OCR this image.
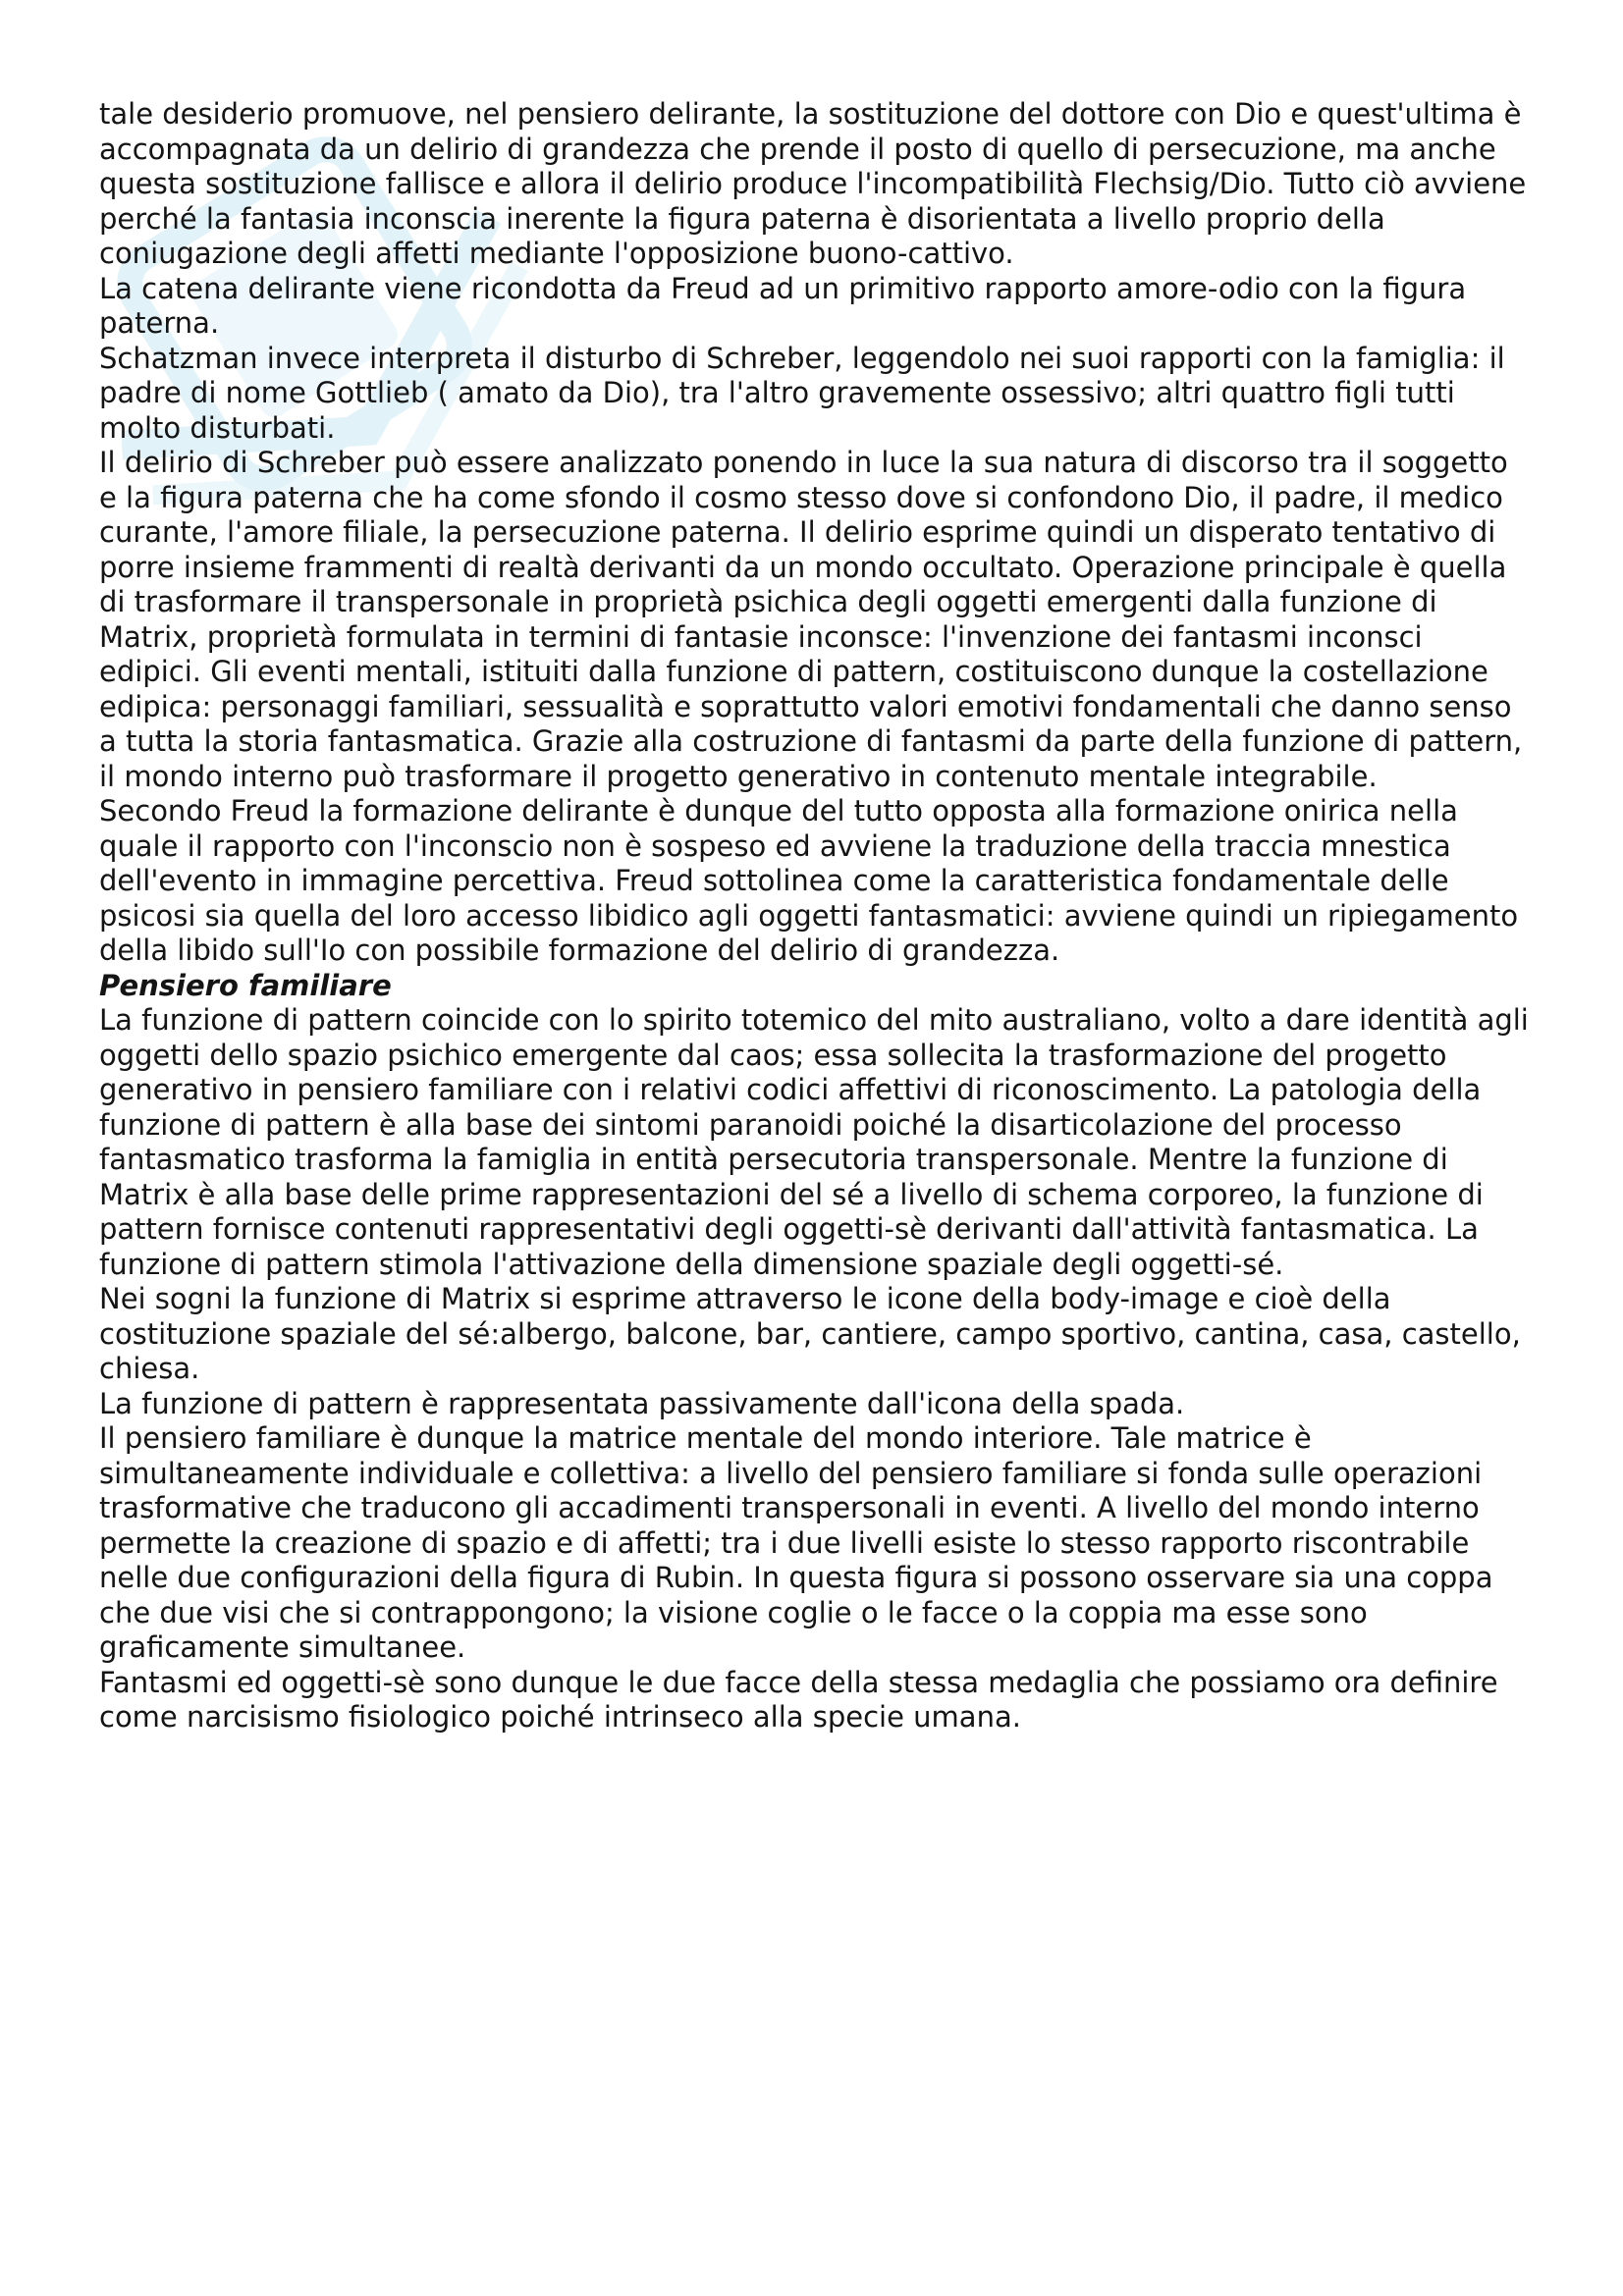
tale desiderio promuove, nel pensiero delirante, la sostituzione del dottore con Dio e quest'ultima è accompagnata da un delirio di grandezza che prende il posto di quello di persecuzione, ma anche questa sostituzione fallisce e allora il delirio produce l'incompatibilità Flechsig/Dio. Tutto ciò avviene perché la fantasia inconscia inerente la figura paterna è disorientata a livello proprio della coniugazione degli affetti mediante l'opposizione buono-cattivo.

La catena delirante viene ricondotta da Freud ad un primitivo rapporto amore-odio con la figura paterna.

Schatzman invece interpreta il disturbo di Schreber, leggendolo nei suoi rapporti con la famiglia: il padre di nome Gottlieb ( amato da Dio), tra l'altro gravemente ossessivo; altri quattro figli tutti molto disturbati.

Il delirio di Schreber può essere analizzato ponendo in luce la sua natura di discorso tra il soggetto e la figura paterna che ha come sfondo il cosmo stesso dove si confondono Dio, il padre, il medico curante, l'amore filiale, la persecuzione paterna. Il delirio esprime quindi un disperato tentativo di porre insieme frammenti di realtà derivanti da un mondo occultato. Operazione principale è quella di trasformare il transpersonale in proprietà psichica degli oggetti emergenti dalla funzione di Matrix, proprietà formulata in termini di fantasie inconsce: l'invenzione dei fantasmi inconsci edipici. Gli eventi mentali, istituiti dalla funzione di pattern, costituiscono dunque la costellazione edipica: personaggi familiari, sessualità e soprattutto valori emotivi fondamentali che danno senso a tutta la storia fantasmatica. Grazie alla costruzione di fantasmi da parte della funzione di pattern, il mondo interno può trasformare il progetto generativo in contenuto mentale integrabile.

Secondo Freud la formazione delirante è dunque del tutto opposta alla formazione onirica nella quale il rapporto con l'inconscio non è sospeso ed avviene la traduzione della traccia mnestica dell'evento in immagine percettiva. Freud sottolinea come la caratteristica fondamentale delle psicosi sia quella del loro accesso libidico agli oggetti fantasmatici: avviene quindi un ripiegamento della libido sull'Io con possibile formazione del delirio di grandezza.

Pensiero familiare

La funzione di pattern coincide con lo spirito totemico del mito australiano, volto a dare identità agli oggetti dello spazio psichico emergente dal caos; essa sollecita la trasformazione del progetto generativo in pensiero familiare con i relativi codici affettivi di riconoscimento. La patologia della funzione di pattern è alla base dei sintomi paranoidi poiché la disarticolazione del processo fantasmatico trasforma la famiglia in entità persecutoria transpersonale. Mentre la funzione di Matrix è alla base delle prime rappresentazioni del sé a livello di schema corporeo, la funzione di pattern fornisce contenuti rappresentativi degli oggetti-sè derivanti dall'attività fantasmatica. La funzione di pattern stimola l'attivazione della dimensione spaziale degli oggetti-sé.

Nei sogni la funzione di Matrix si esprime attraverso le icone della body-image e cioè della costituzione spaziale del sé:albergo, balcone, bar, cantiere, campo sportivo, cantina, casa, castello, chiesa.

La funzione di pattern è rappresentata passivamente dall'icona della spada.

Il pensiero familiare è dunque la matrice mentale del mondo interiore. Tale matrice è simultaneamente individuale e collettiva: a livello del pensiero familiare si fonda sulle operazioni trasformative che traducono gli accadimenti transpersonali in eventi. A livello del mondo interno permette la creazione di spazio e di affetti; tra i due livelli esiste lo stesso rapporto riscontrabile nelle due configurazioni della figura di Rubin. In questa figura si possono osservare sia una coppa che due visi che si contrappongono; la visione coglie o le facce o la coppia ma esse sono graficamente simultanee.

Fantasmi ed oggetti-sè sono dunque le due facce della stessa medaglia che possiamo ora definire come narcisismo fisiologico poiché intrinseco alla specie umana.
